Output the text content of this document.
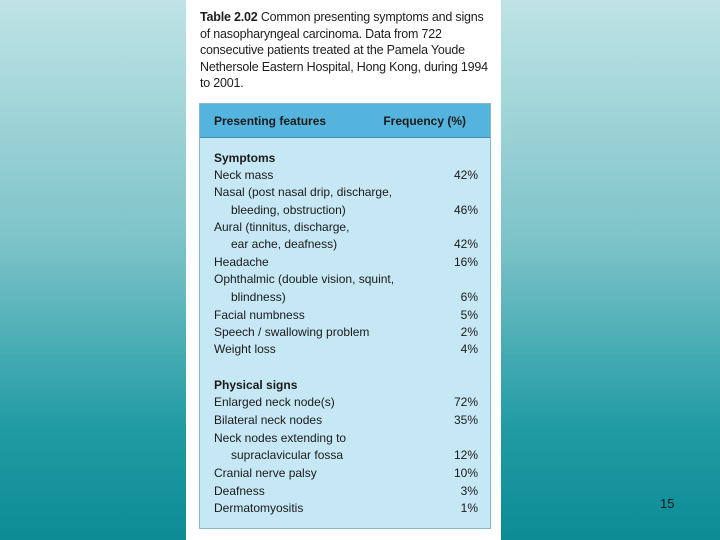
Table 2.02 Common presenting symptoms and signs of nasopharyngeal carcinoma. Data from 722 consecutive patients treated at the Pamela Youde Nethersole Eastern Hospital, Hong Kong, during 1994 to 2001.
Presenting features	Frequency (%)
Symptoms
Neck mass	42%
Nasal (post nasal drip, discharge,
bleeding, obstruction)	46%
Aural (tinnitus, discharge,
ear ache, deafness)	42%
Headache	16%
Ophthalmic (double vision, squint,
blindness)	6%
Facial numbness	5%
Speech / swallowing problem	2%
Weight loss	4%
Physical signs
Enlarged neck node(s)	72%
Bilateral neck nodes	35%
Neck nodes extending to
supraclavicular fossa	12%
Cranial nerve palsy	10%
Deafness	3%
Dermatomyositis	1%	15
